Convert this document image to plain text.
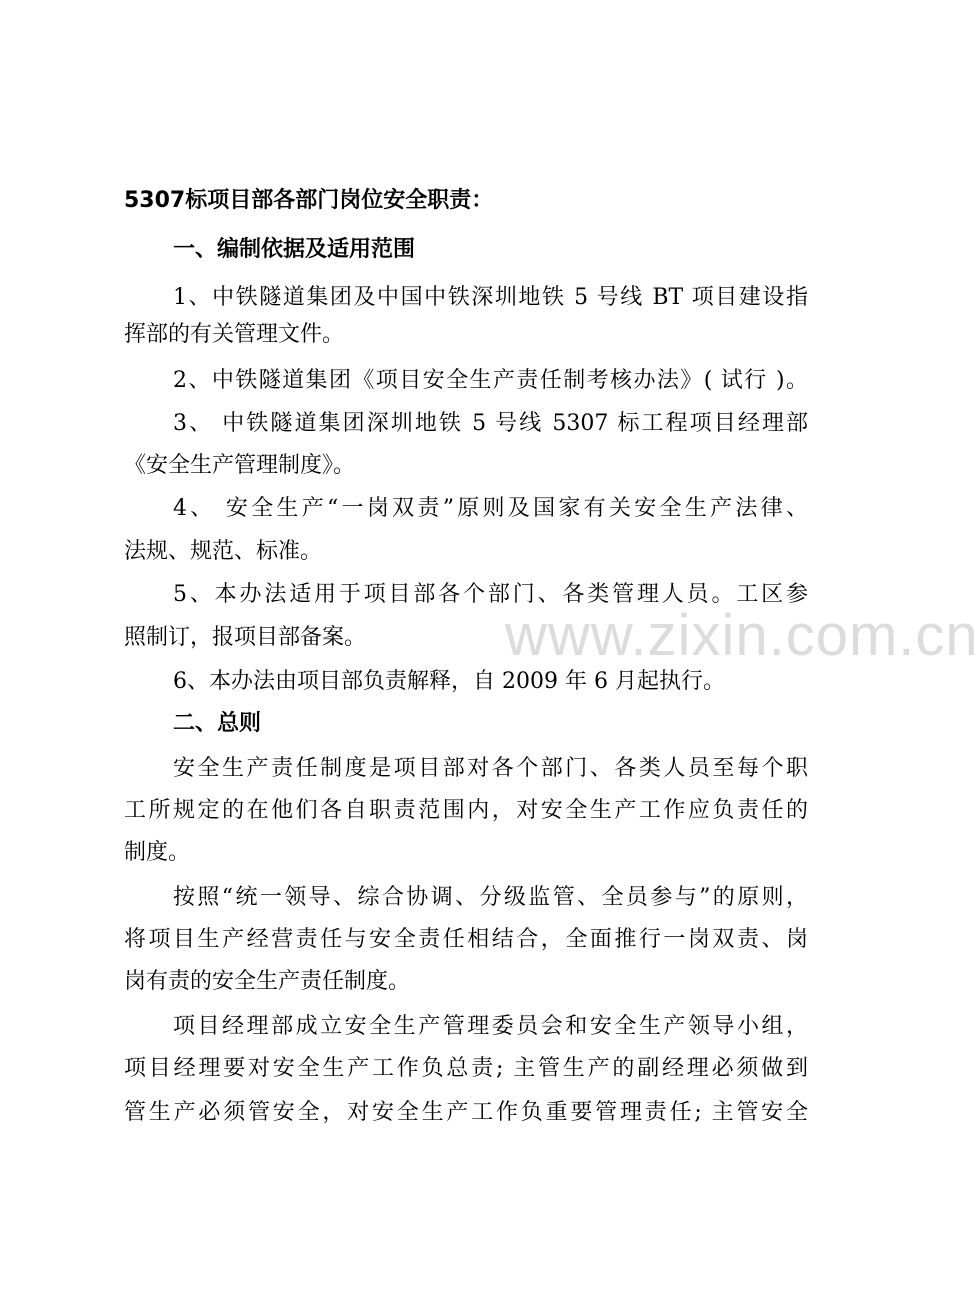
www.zixin.com.cn
5307标项目部各部门岗位安全职责：
一、编制依据及适用范围
1、中铁隧道集团及中国中铁深圳地铁 5 号线 BT 项目建设指
挥部的有关管理文件。
2、中铁隧道集团《项目安全生产责任制考核办法》( 试行 )。
3、 中铁隧道集团深圳地铁 5 号线 5307 标工程项目经理部
《安全生产管理制度》。
4、 安全生产“一岗双责”原则及国家有关安全生产法律、
法规、规范、标准。
5、本办法适用于项目部各个部门、各类管理人员。工区参
照制订，报项目部备案。
6、本办法由项目部负责解释，自 2009 年 6 月起执行。
二、总则
安全生产责任制度是项目部对各个部门、各类人员至每个职
工所规定的在他们各自职责范围内，对安全生产工作应负责任的
制度。
按照“统一领导、综合协调、分级监管、全员参与”的原则，
将项目生产经营责任与安全责任相结合，全面推行一岗双责、岗
岗有责的安全生产责任制度。
项目经理部成立安全生产管理委员会和安全生产领导小组，
项目经理要对安全生产工作负总责; 主管生产的副经理必须做到
管生产必须管安全，对安全生产工作负重要管理责任; 主管安全
